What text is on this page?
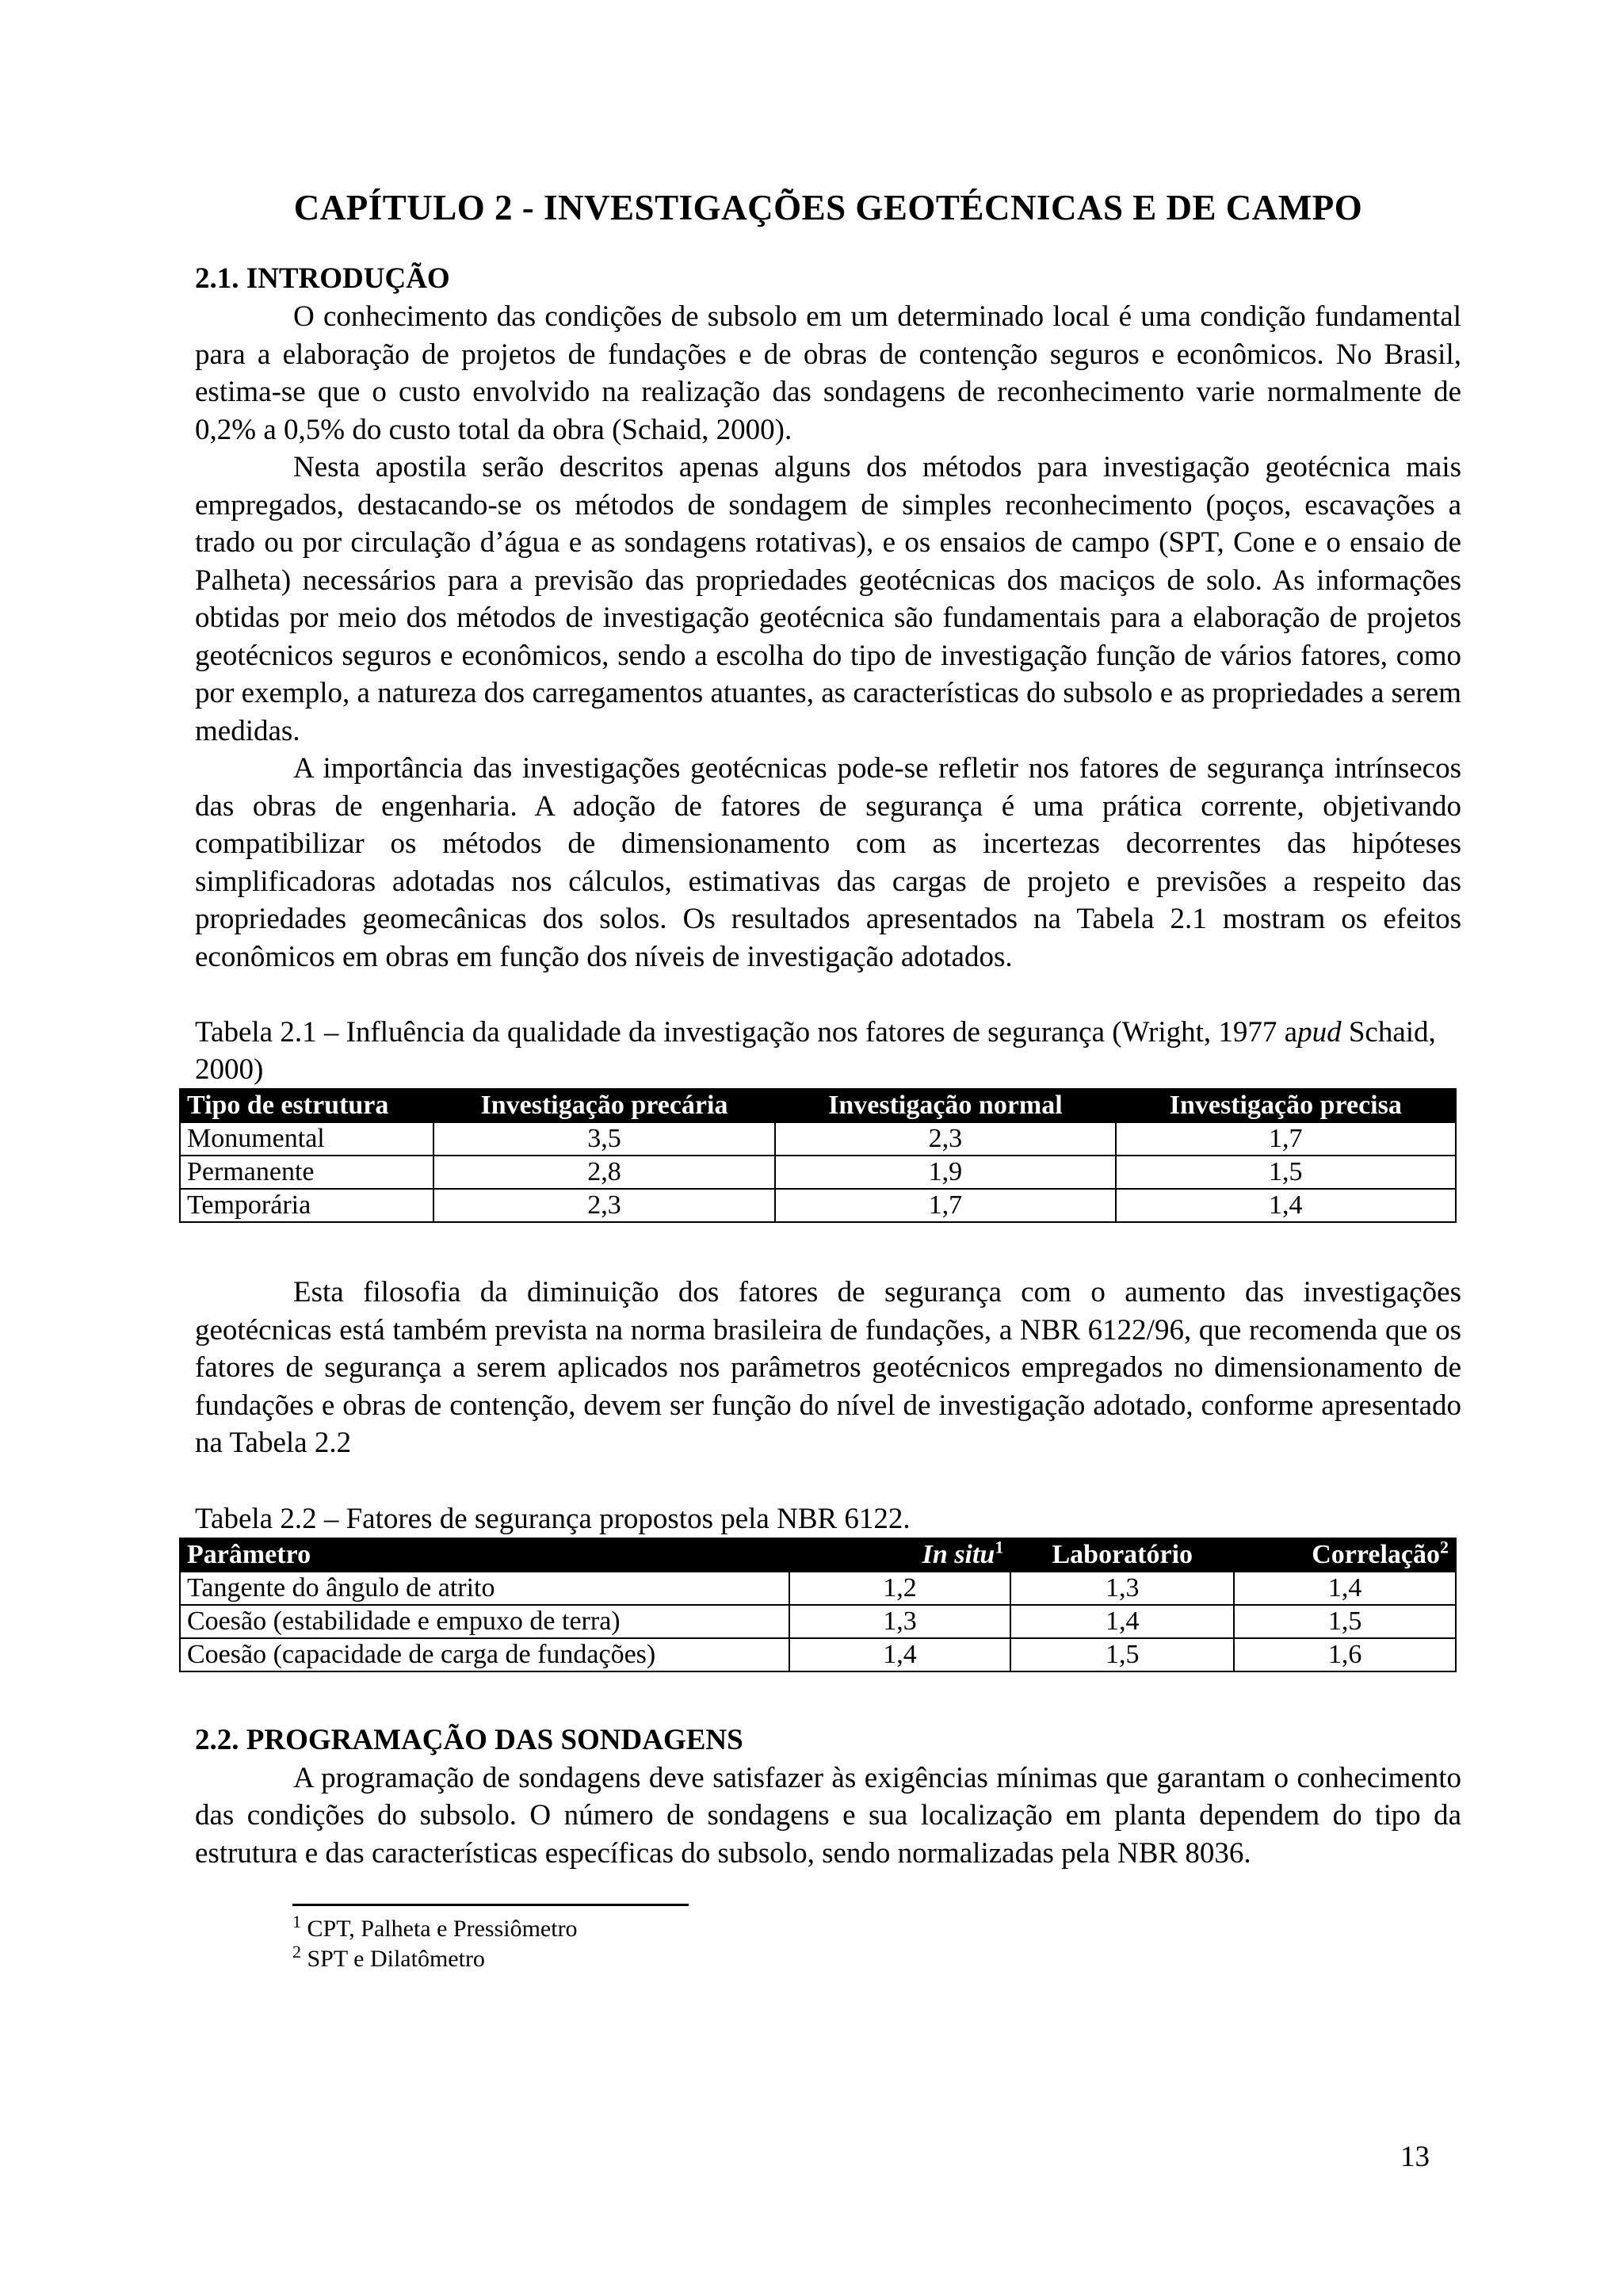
CAPÍTULO 2 - INVESTIGAÇÕES GEOTÉCNICAS E DE CAMPO
2.1. INTRODUÇÃO

O conhecimento das condições de subsolo em um determinado local é uma condição fundamental para a elaboração de projetos de fundações e de obras de contenção seguros e econômicos. No Brasil, estima-se que o custo envolvido na realização das sondagens de reconhecimento varie normalmente de 0,2% a 0,5% do custo total da obra (Schaid, 2000).

Nesta apostila serão descritos apenas alguns dos métodos para investigação geotécnica mais empregados, destacando-se os métodos de sondagem de simples reconhecimento (poços, escavações a trado ou por circulação d’água e as sondagens rotativas), e os ensaios de campo (SPT, Cone e o ensaio de Palheta) necessários para a previsão das propriedades geotécnicas dos maciços de solo. As informações obtidas por meio dos métodos de investigação geotécnica são fundamentais para a elaboração de projetos geotécnicos seguros e econômicos, sendo a escolha do tipo de investigação função de vários fatores, como por exemplo, a natureza dos carregamentos atuantes, as características do subsolo e as propriedades a serem medidas.

A importância das investigações geotécnicas pode-se refletir nos fatores de segurança intrínsecos das obras de engenharia. A adoção de fatores de segurança é uma prática corrente, objetivando compatibilizar os métodos de dimensionamento com as incertezas decorrentes das hipóteses simplificadoras adotadas nos cálculos, estimativas das cargas de projeto e previsões a respeito das propriedades geomecânicas dos solos. Os resultados apresentados na Tabela 2.1 mostram os efeitos econômicos em obras em função dos níveis de investigação adotados.

Tabela 2.1 – Influência da qualidade da investigação nos fatores de segurança (Wright, 1977 apud Schaid, 2000)
Tipo de estrutura	Investigação precária	Investigação normal	Investigação precisa
Monumental	3,5	2,3	1,7
Permanente	2,8	1,9	1,5
Temporária	2,3	1,7	1,4

Esta filosofia da diminuição dos fatores de segurança com o aumento das investigações geotécnicas está também prevista na norma brasileira de fundações, a NBR 6122/96, que recomenda que os fatores de segurança a serem aplicados nos parâmetros geotécnicos empregados no dimensionamento de fundações e obras de contenção, devem ser função do nível de investigação adotado, conforme apresentado na Tabela 2.2

Tabela 2.2 – Fatores de segurança propostos pela NBR 6122.
Parâmetro	In situ$^1$	Laboratório	Correlação$^2$
Tangente do ângulo de atrito	1,2	1,3	1,4
Coesão (estabilidade e empuxo de terra)	1,3	1,4	1,5
Coesão (capacidade de carga de fundações)	1,4	1,5	1,6
2.2. PROGRAMAÇÃO DAS SONDAGENS

A programação de sondagens deve satisfazer às exigências mínimas que garantam o conhecimento das condições do subsolo. O número de sondagens e sua localização em planta dependem do tipo da estrutura e das características específicas do subsolo, sendo normalizadas pela NBR 8036.

$^1$ CPT, Palheta e Pressiômetro
$^2$ SPT e Dilatômetro
13
